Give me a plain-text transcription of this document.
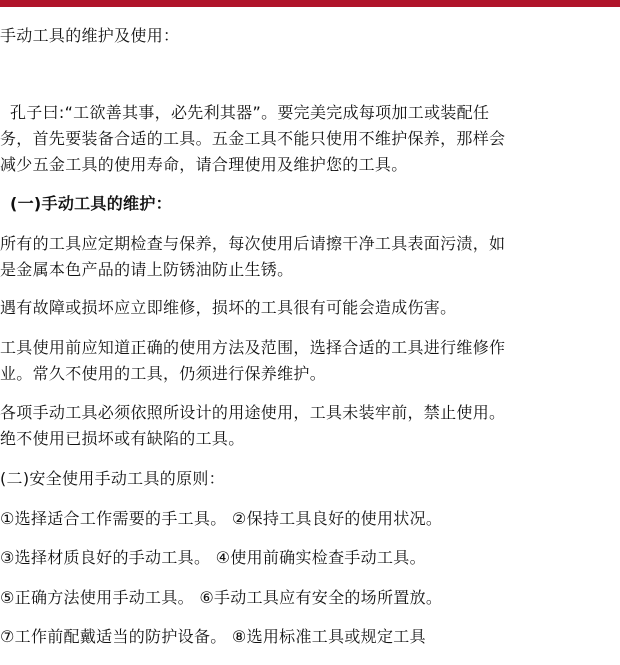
手动工具的维护及使用：
孔子曰:“工欲善其事，必先利其器”。要完美完成每项加工或装配任
务，首先要装备合适的工具。五金工具不能只使用不维护保养，那样会
减少五金工具的使用寿命，请合理使用及维护您的工具。
(一)手动工具的维护：
所有的工具应定期检查与保养，每次使用后请擦干净工具表面污渍，如
是金属本色产品的请上防锈油防止生锈。
遇有故障或损坏应立即维修，损坏的工具很有可能会造成伤害。
工具使用前应知道正确的使用方法及范围，选择合适的工具进行维修作
业。常久不使用的工具，仍须进行保养维护。
各项手动工具必须依照所设计的用途使用，工具未装牢前，禁止使用。
绝不使用已损坏或有缺陷的工具。
(二)安全使用手动工具的原则：
①选择适合工作需要的手工具。 ②保持工具良好的使用状况。
③选择材质良好的手动工具。 ④使用前确实检查手动工具。
⑤正确方法使用手动工具。 ⑥手动工具应有安全的场所置放。
⑦工作前配戴适当的防护设备。 ⑧选用标准工具或规定工具
